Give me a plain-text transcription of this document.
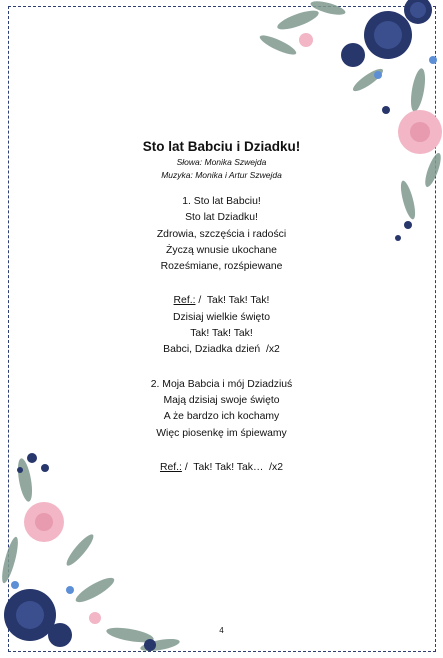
Sto lat Babciu i Dziadku!
Słowa: Monika Szwejda
Muzyka: Monika i Artur Szwejda
1. Sto lat Babciu!
Sto lat Dziadku!
Zdrowia, szczęścia i radości
Życzą wnusie ukochane
Roześmiane, rozśpiewane
Ref.: /  Tak! Tak! Tak!
Dzisiaj wielkie święto
Tak! Tak! Tak!
Babci, Dziadka dzień  /x2
2. Moja Babcia i mój Dziadziuś
Mają dzisiaj swoje święto
A że bardzo ich kochamy
Więc piosenkę im śpiewamy
Ref.: /  Tak! Tak! Tak…  /x2
4
